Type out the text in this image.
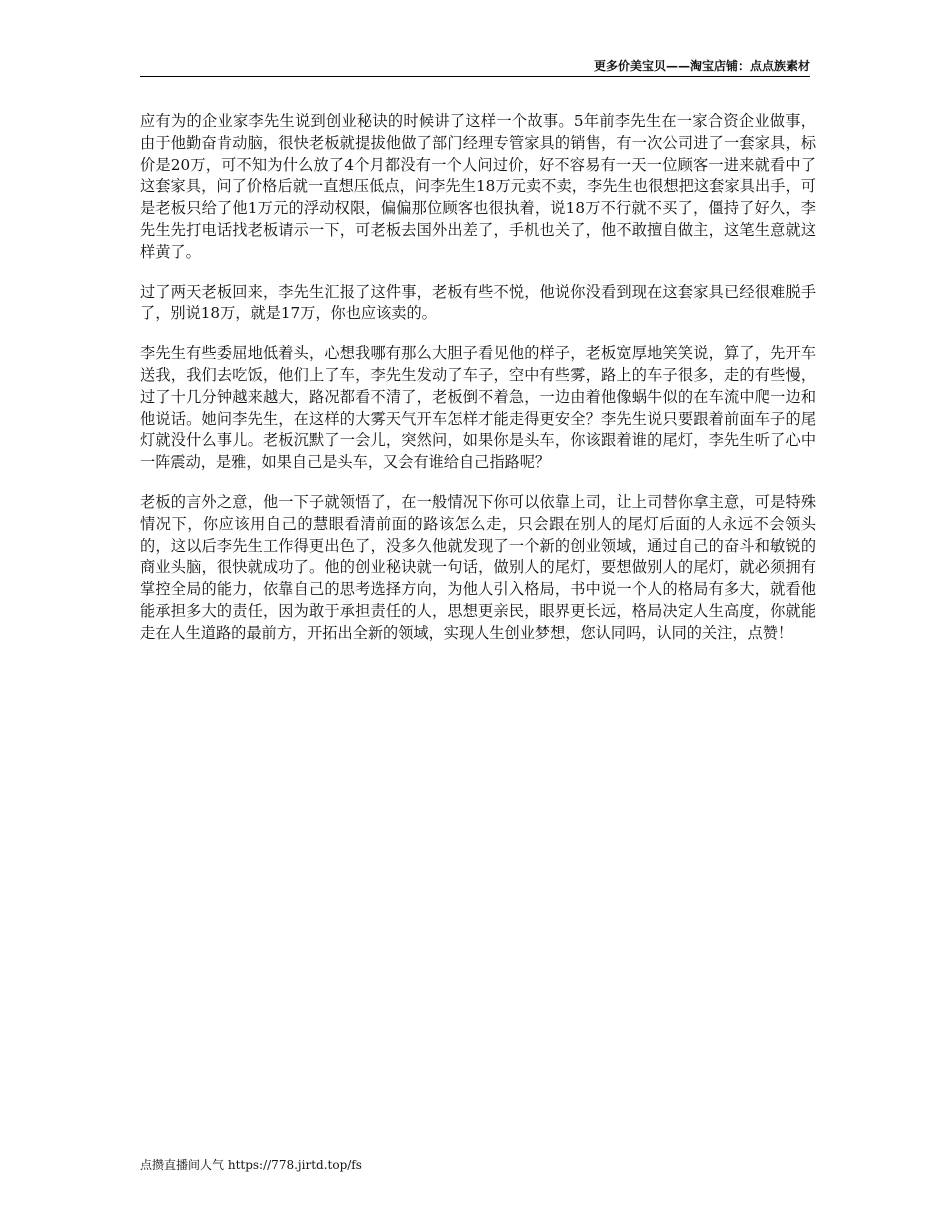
更多价美宝贝——淘宝店铺：点点族素材

应有为的企业家李先生说到创业秘诀的时候讲了这样一个故事。5年前李先生在一家合资企业做事，由于他勤奋肯动脑，很快老板就提拔他做了部门经理专管家具的销售，有一次公司进了一套家具，标价是20万，可不知为什么放了4个月都没有一个人问过价，好不容易有一天一位顾客一进来就看中了这套家具，问了价格后就一直想压低点，问李先生18万元卖不卖，李先生也很想把这套家具出手，可是老板只给了他1万元的浮动权限，偏偏那位顾客也很执着，说18万不行就不买了，僵持了好久，李先生先打电话找老板请示一下，可老板去国外出差了，手机也关了，他不敢擅自做主，这笔生意就这样黄了。

过了两天老板回来，李先生汇报了这件事，老板有些不悦，他说你没看到现在这套家具已经很难脱手了，别说18万，就是17万，你也应该卖的。

李先生有些委屈地低着头，心想我哪有那么大胆子看见他的样子，老板宽厚地笑笑说，算了，先开车送我，我们去吃饭，他们上了车，李先生发动了车子，空中有些雾，路上的车子很多，走的有些慢，过了十几分钟越来越大，路况都看不清了，老板倒不着急，一边由着他像蜗牛似的在车流中爬一边和他说话。她问李先生，在这样的大雾天气开车怎样才能走得更安全？李先生说只要跟着前面车子的尾灯就没什么事儿。老板沉默了一会儿，突然问，如果你是头车，你该跟着谁的尾灯，李先生听了心中一阵震动，是雅，如果自己是头车，又会有谁给自己指路呢？

老板的言外之意，他一下子就领悟了，在一般情况下你可以依靠上司，让上司替你拿主意，可是特殊情况下，你应该用自己的慧眼看清前面的路该怎么走，只会跟在别人的尾灯后面的人永远不会领头的，这以后李先生工作得更出色了，没多久他就发现了一个新的创业领域，通过自己的奋斗和敏锐的商业头脑，很快就成功了。他的创业秘诀就一句话，做别人的尾灯，要想做别人的尾灯，就必须拥有掌控全局的能力，依靠自己的思考选择方向，为他人引入格局，书中说一个人的格局有多大，就看他能承担多大的责任，因为敢于承担责任的人，思想更亲民，眼界更长远，格局决定人生高度，你就能走在人生道路的最前方，开拓出全新的领域，实现人生创业梦想，您认同吗，认同的关注，点赞！

点攒直播间人气 https://778.jirtd.top/fs
